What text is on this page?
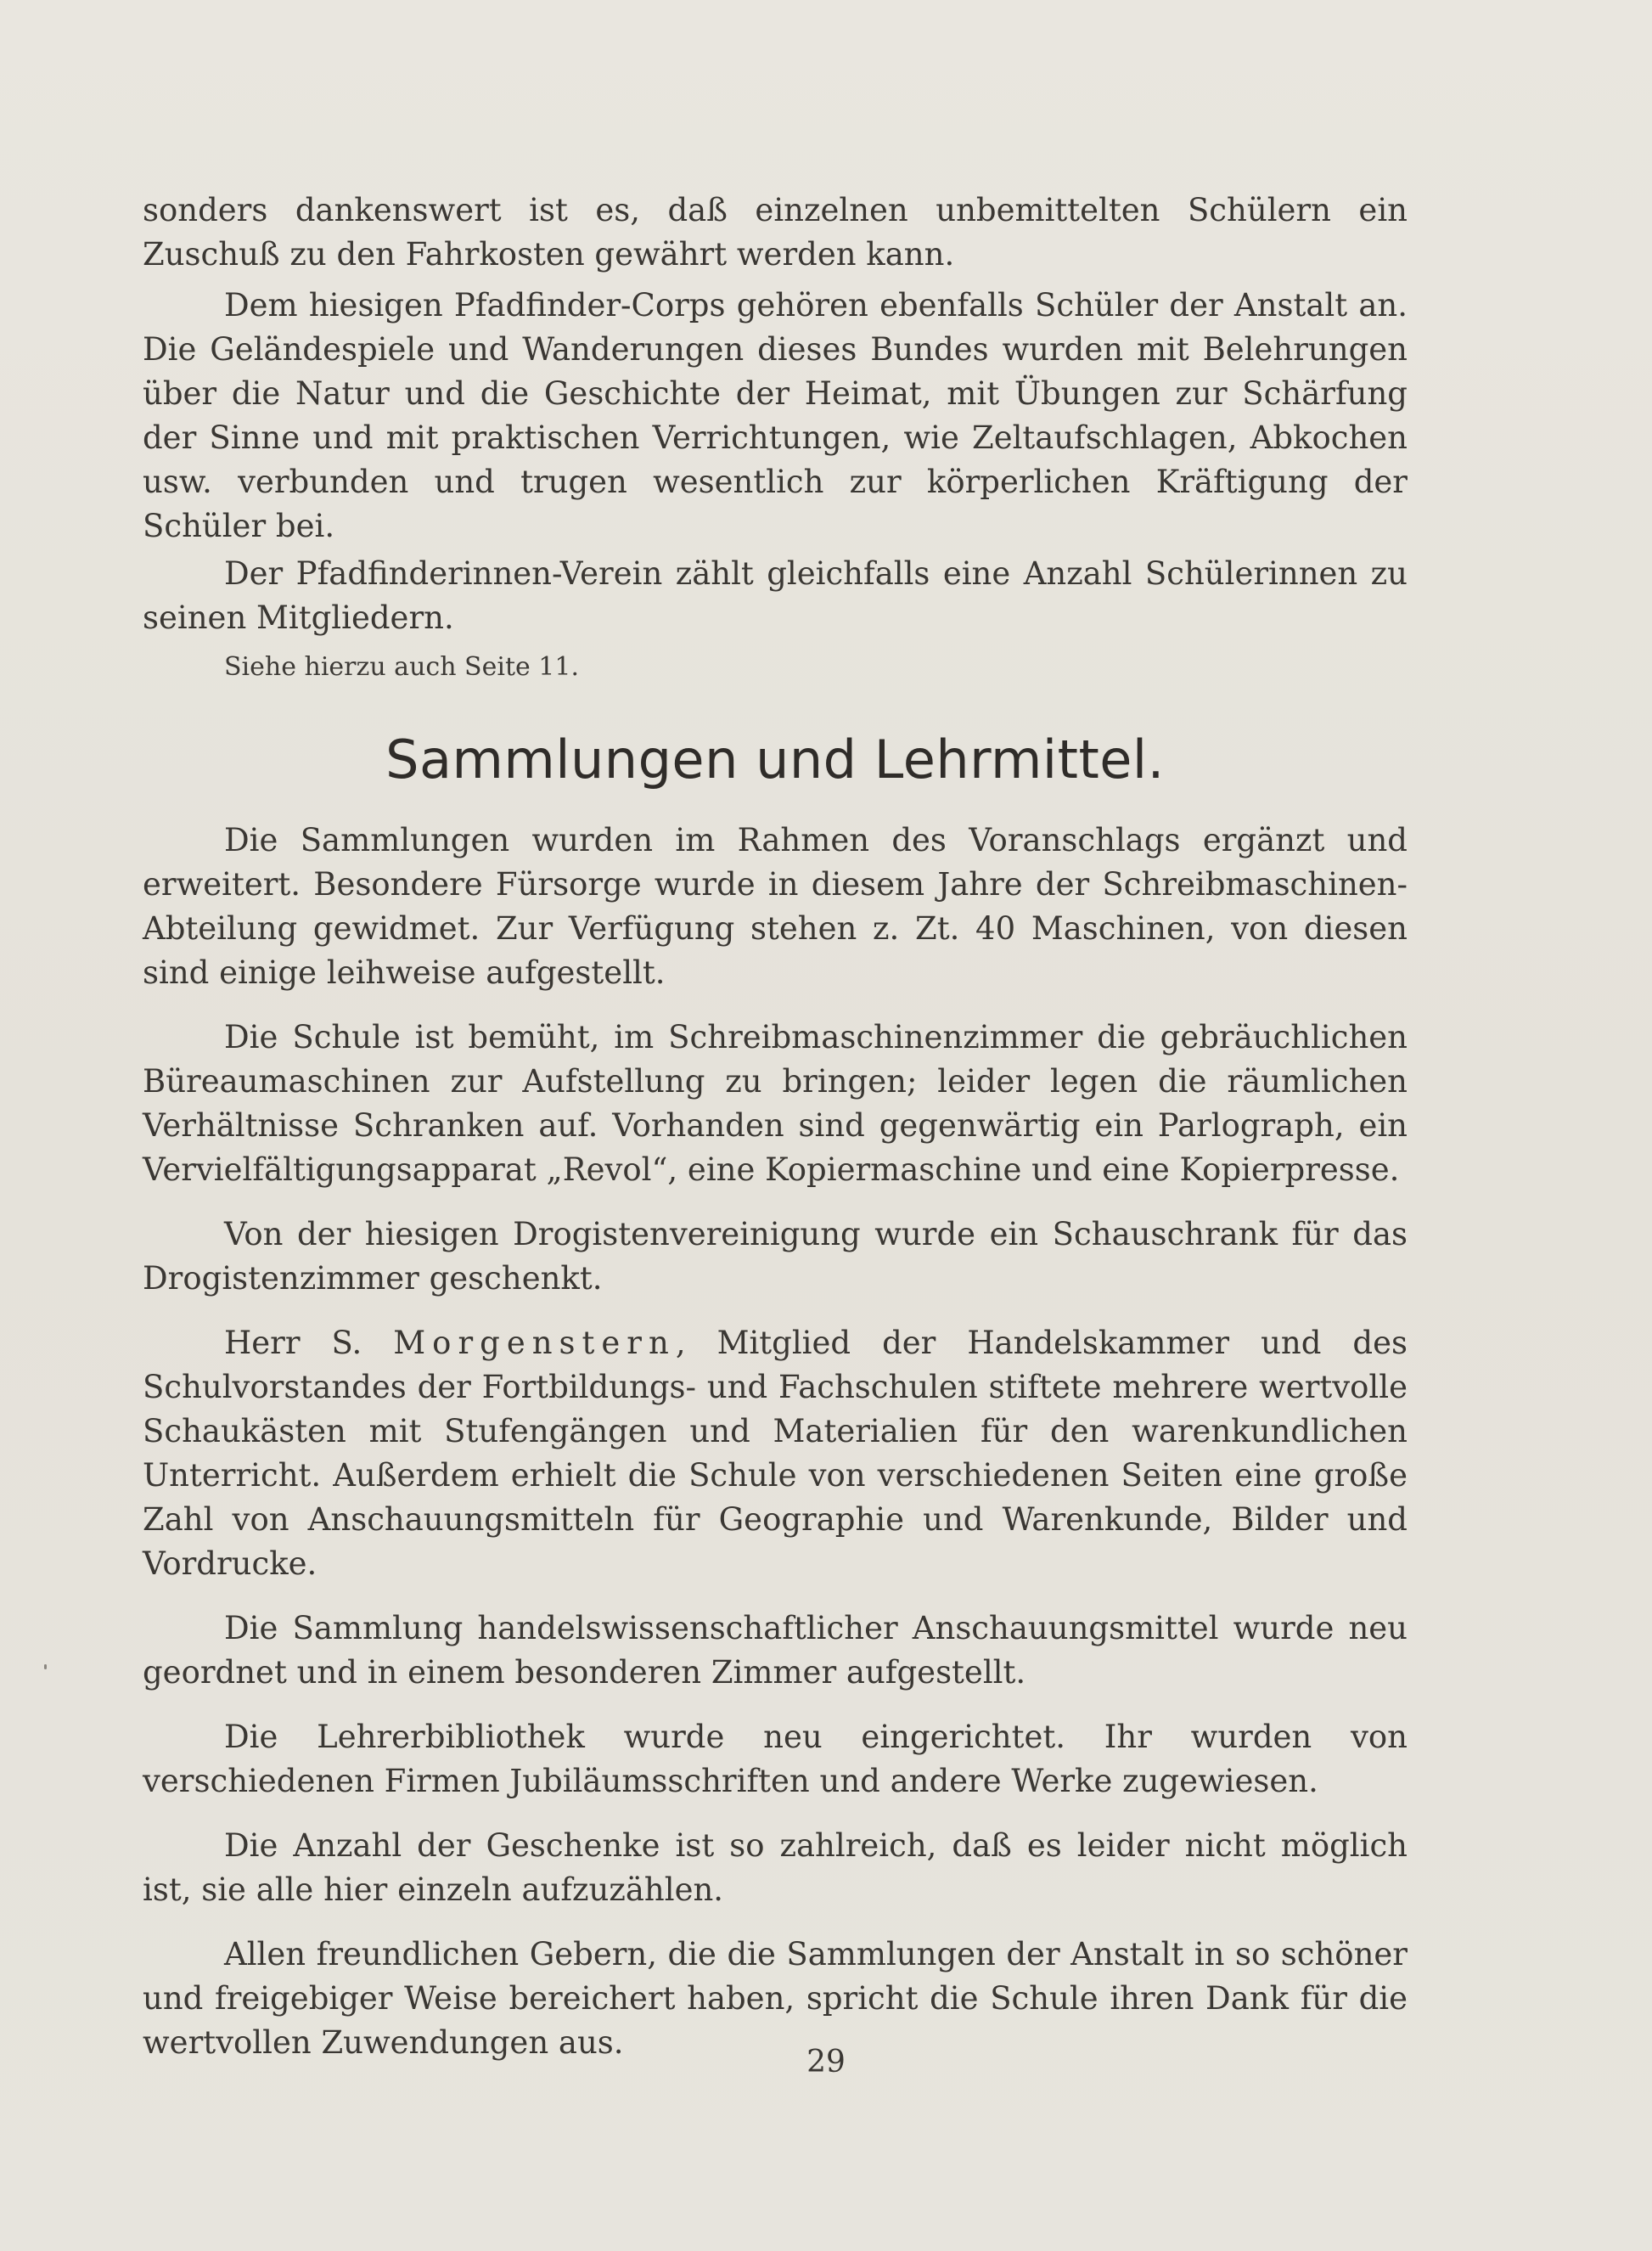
sonders dankenswert ist es, daß einzelnen unbemittelten Schülern ein Zuschuß zu den Fahrkosten gewährt werden kann.

Dem hiesigen Pfadfinder-Corps gehören ebenfalls Schüler der Anstalt an. Die Geländespiele und Wanderungen dieses Bundes wurden mit Belehrungen über die Natur und die Geschichte der Heimat, mit Übungen zur Schärfung der Sinne und mit praktischen Verrichtungen, wie Zeltaufschlagen, Abkochen usw. verbunden und trugen wesentlich zur körperlichen Kräftigung der Schüler bei.

Der Pfadfinderinnen-Verein zählt gleichfalls eine Anzahl Schülerinnen zu seinen Mitgliedern.

Siehe hierzu auch Seite 11.

Sammlungen und Lehrmittel.

Die Sammlungen wurden im Rahmen des Voranschlags ergänzt und erweitert. Besondere Fürsorge wurde in diesem Jahre der Schreibmaschinen-Abteilung gewidmet. Zur Verfügung stehen z. Zt. 40 Maschinen, von diesen sind einige leihweise aufgestellt.

Die Schule ist bemüht, im Schreibmaschinenzimmer die gebräuchlichen Büreaumaschinen zur Aufstellung zu bringen; leider legen die räumlichen Verhältnisse Schranken auf. Vorhanden sind gegenwärtig ein Parlograph, ein Vervielfältigungsapparat „Revol“, eine Kopiermaschine und eine Kopierpresse.

Von der hiesigen Drogistenvereinigung wurde ein Schauschrank für das Drogistenzimmer geschenkt.

Herr S. Morgenstern, Mitglied der Handelskammer und des Schulvorstandes der Fortbildungs- und Fachschulen stiftete mehrere wertvolle Schaukästen mit Stufengängen und Materialien für den warenkundlichen Unterricht. Außerdem erhielt die Schule von verschiedenen Seiten eine große Zahl von Anschauungsmitteln für Geographie und Warenkunde, Bilder und Vordrucke.

Die Sammlung handelswissenschaftlicher Anschauungsmittel wurde neu geordnet und in einem besonderen Zimmer aufgestellt.

Die Lehrerbibliothek wurde neu eingerichtet. Ihr wurden von verschiedenen Firmen Jubiläumsschriften und andere Werke zugewiesen.

Die Anzahl der Geschenke ist so zahlreich, daß es leider nicht möglich ist, sie alle hier einzeln aufzuzählen.

Allen freundlichen Gebern, die die Sammlungen der Anstalt in so schöner und freigebiger Weise bereichert haben, spricht die Schule ihren Dank für die wertvollen Zuwendungen aus.

29
